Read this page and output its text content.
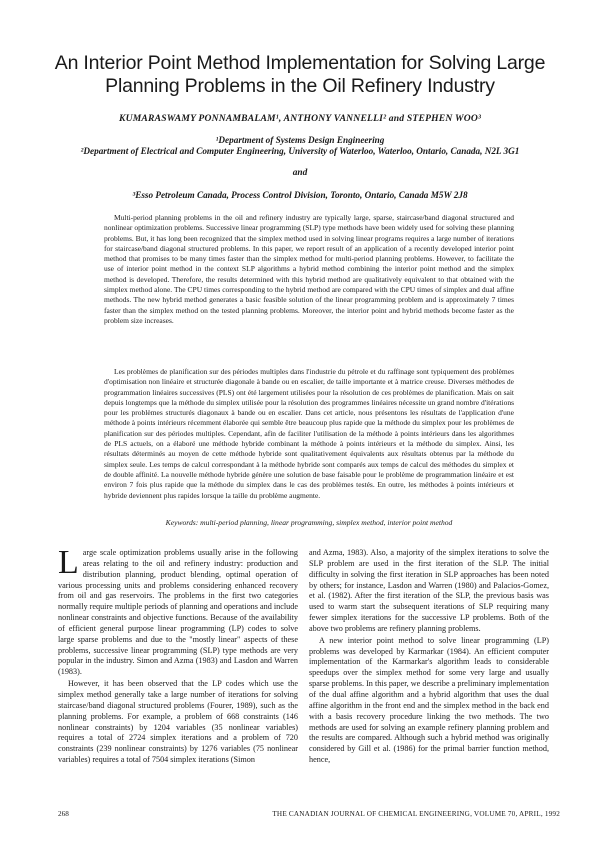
An Interior Point Method Implementation for Solving Large Planning Problems in the Oil Refinery Industry
KUMARASWAMY PONNAMBALAM¹, ANTHONY VANNELLI² and STEPHEN WOO³
¹Department of Systems Design Engineering
²Department of Electrical and Computer Engineering, University of Waterloo, Waterloo, Ontario, Canada, N2L 3G1
and
³Esso Petroleum Canada, Process Control Division, Toronto, Ontario, Canada M5W 2J8

Multi-period planning problems in the oil and refinery industry are typically large, sparse, staircase/band diagonal structured and nonlinear optimization problems. Successive linear programming (SLP) type methods have been widely used for solving these planning problems. But, it has long been recognized that the simplex method used in solving linear programs requires a large number of iterations for staircase/band diagonal structured problems. In this paper, we report result of an application of a recently developed interior point method that promises to be many times faster than the simplex method for multi-period planning problems. However, to facilitate the use of interior point method in the context SLP algorithms a hybrid method combining the interior point method and the simplex method is developed. Therefore, the results determined with this hybrid method are qualitatively equivalent to that obtained with the simplex method alone. The CPU times corresponding to the hybrid method are compared with the CPU times of simplex and dual affine methods. The new hybrid method generates a basic feasible solution of the linear programming problem and is approximately 7 times faster than the simplex method on the tested planning problems. Moreover, the interior point and hybrid methods become faster as the problem size increases.

Les problèmes de planification sur des périodes multiples dans l'industrie du pétrole et du raffinage sont typiquement des problèmes d'optimisation non linéaire et structurée diagonale à bande ou en escalier, de taille importante et à matrice creuse. Diverses méthodes de programmation linéaires successives (PLS) ont été largement utilisées pour la résolution de ces problèmes de planification. Mais on sait depuis longtemps que la méthode du simplex utilisée pour la résolution des programmes linéaires nécessite un grand nombre d'itérations pour les problèmes structurés diagonaux à bande ou en escalier. Dans cet article, nous présentons les résultats de l'application d'une méthode à points intérieurs récemment élaborée qui semble être beaucoup plus rapide que la méthode du simplex pour les problèmes de planification sur des périodes multiples. Cependant, afin de faciliter l'utilisation de la méthode à points intérieurs dans les algorithmes de PLS actuels, on a élaboré une méthode hybride combinant la méthode à points intérieurs et la méthode du simplex. Ainsi, les résultats déterminés au moyen de cette méthode hybride sont qualitativement équivalents aux résultats obtenus par la méthode du simplex seule. Les temps de calcul correspondant à la méthode hybride sont comparés aux temps de calcul des méthodes du simplex et de double affinité. La nouvelle méthode hybride génère une solution de base faisable pour le problème de programmation linéaire et est environ 7 fois plus rapide que la méthode du simplex dans le cas des problèmes testés. En outre, les méthodes à points intérieurs et hybride deviennent plus rapides lorsque la taille du problème augmente.

Keywords: multi-period planning, linear programming, simplex method, interior point method

Large scale optimization problems usually arise in the following areas relating to the oil and refinery industry: production and distribution planning, product blending, optimal operation of various processing units and problems considering enhanced recovery from oil and gas reservoirs. The problems in the first two categories normally require multiple periods of planning and operations and include nonlinear constraints and objective functions. Because of the availability of efficient general purpose linear programming (LP) codes to solve large sparse problems and due to the "mostly linear" aspects of these problems, successive linear programming (SLP) type methods are very popular in the industry. Simon and Azma (1983) and Lasdon and Warren (1983).

However, it has been observed that the LP codes which use the simplex method generally take a large number of iterations for solving staircase/band diagonal structured problems (Fourer, 1989), such as the planning problems. For example, a problem of 668 constraints (146 nonlinear constraints) by 1204 variables (35 nonlinear variables) requires a total of 2724 simplex iterations and a problem of 720 constraints (239 nonlinear constraints) by 1276 variables (75 nonlinear variables) requires a total of 7504 simplex iterations (Simon

and Azma, 1983). Also, a majority of the simplex iterations to solve the SLP problem are used in the first iteration of the SLP. The initial difficulty in solving the first iteration in SLP approaches has been noted by others; for instance, Lasdon and Warren (1980) and Palacios-Gomez, et al. (1982). After the first iteration of the SLP, the previous basis was used to warm start the subsequent iterations of SLP requiring many fewer simplex iterations for the successive LP problems. Both of the above two problems are refinery planning problems.

A new interior point method to solve linear programming (LP) problems was developed by Karmarkar (1984). An efficient computer implementation of the Karmarkar's algorithm leads to considerable speedups over the simplex method for some very large and usually sparse problems. In this paper, we describe a preliminary implementation of the dual affine algorithm and a hybrid algorithm that uses the dual affine algorithm in the front end and the simplex method in the back end with a basis recovery procedure linking the two methods. The two methods are used for solving an example refinery planning problem and the results are compared. Although such a hybrid method was originally considered by Gill et al. (1986) for the primal barrier function method, hence,

268	THE CANADIAN JOURNAL OF CHEMICAL ENGINEERING, VOLUME 70, APRIL, 1992
